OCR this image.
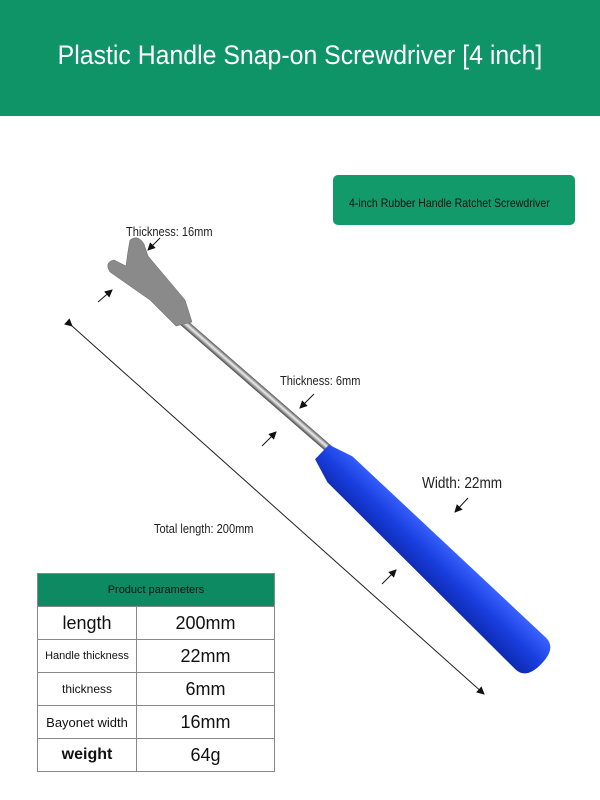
Plastic Handle Snap-on Screwdriver [4 inch]
4-inch Rubber Handle Ratchet Screwdriver
Thickness: 16mm
Thickness: 6mm
Width: 22mm
Total length: 200mm
Product parameters	
length	200mm
Handle thickness	22mm
thickness	6mm
Bayonet width	16mm
weight	64g
